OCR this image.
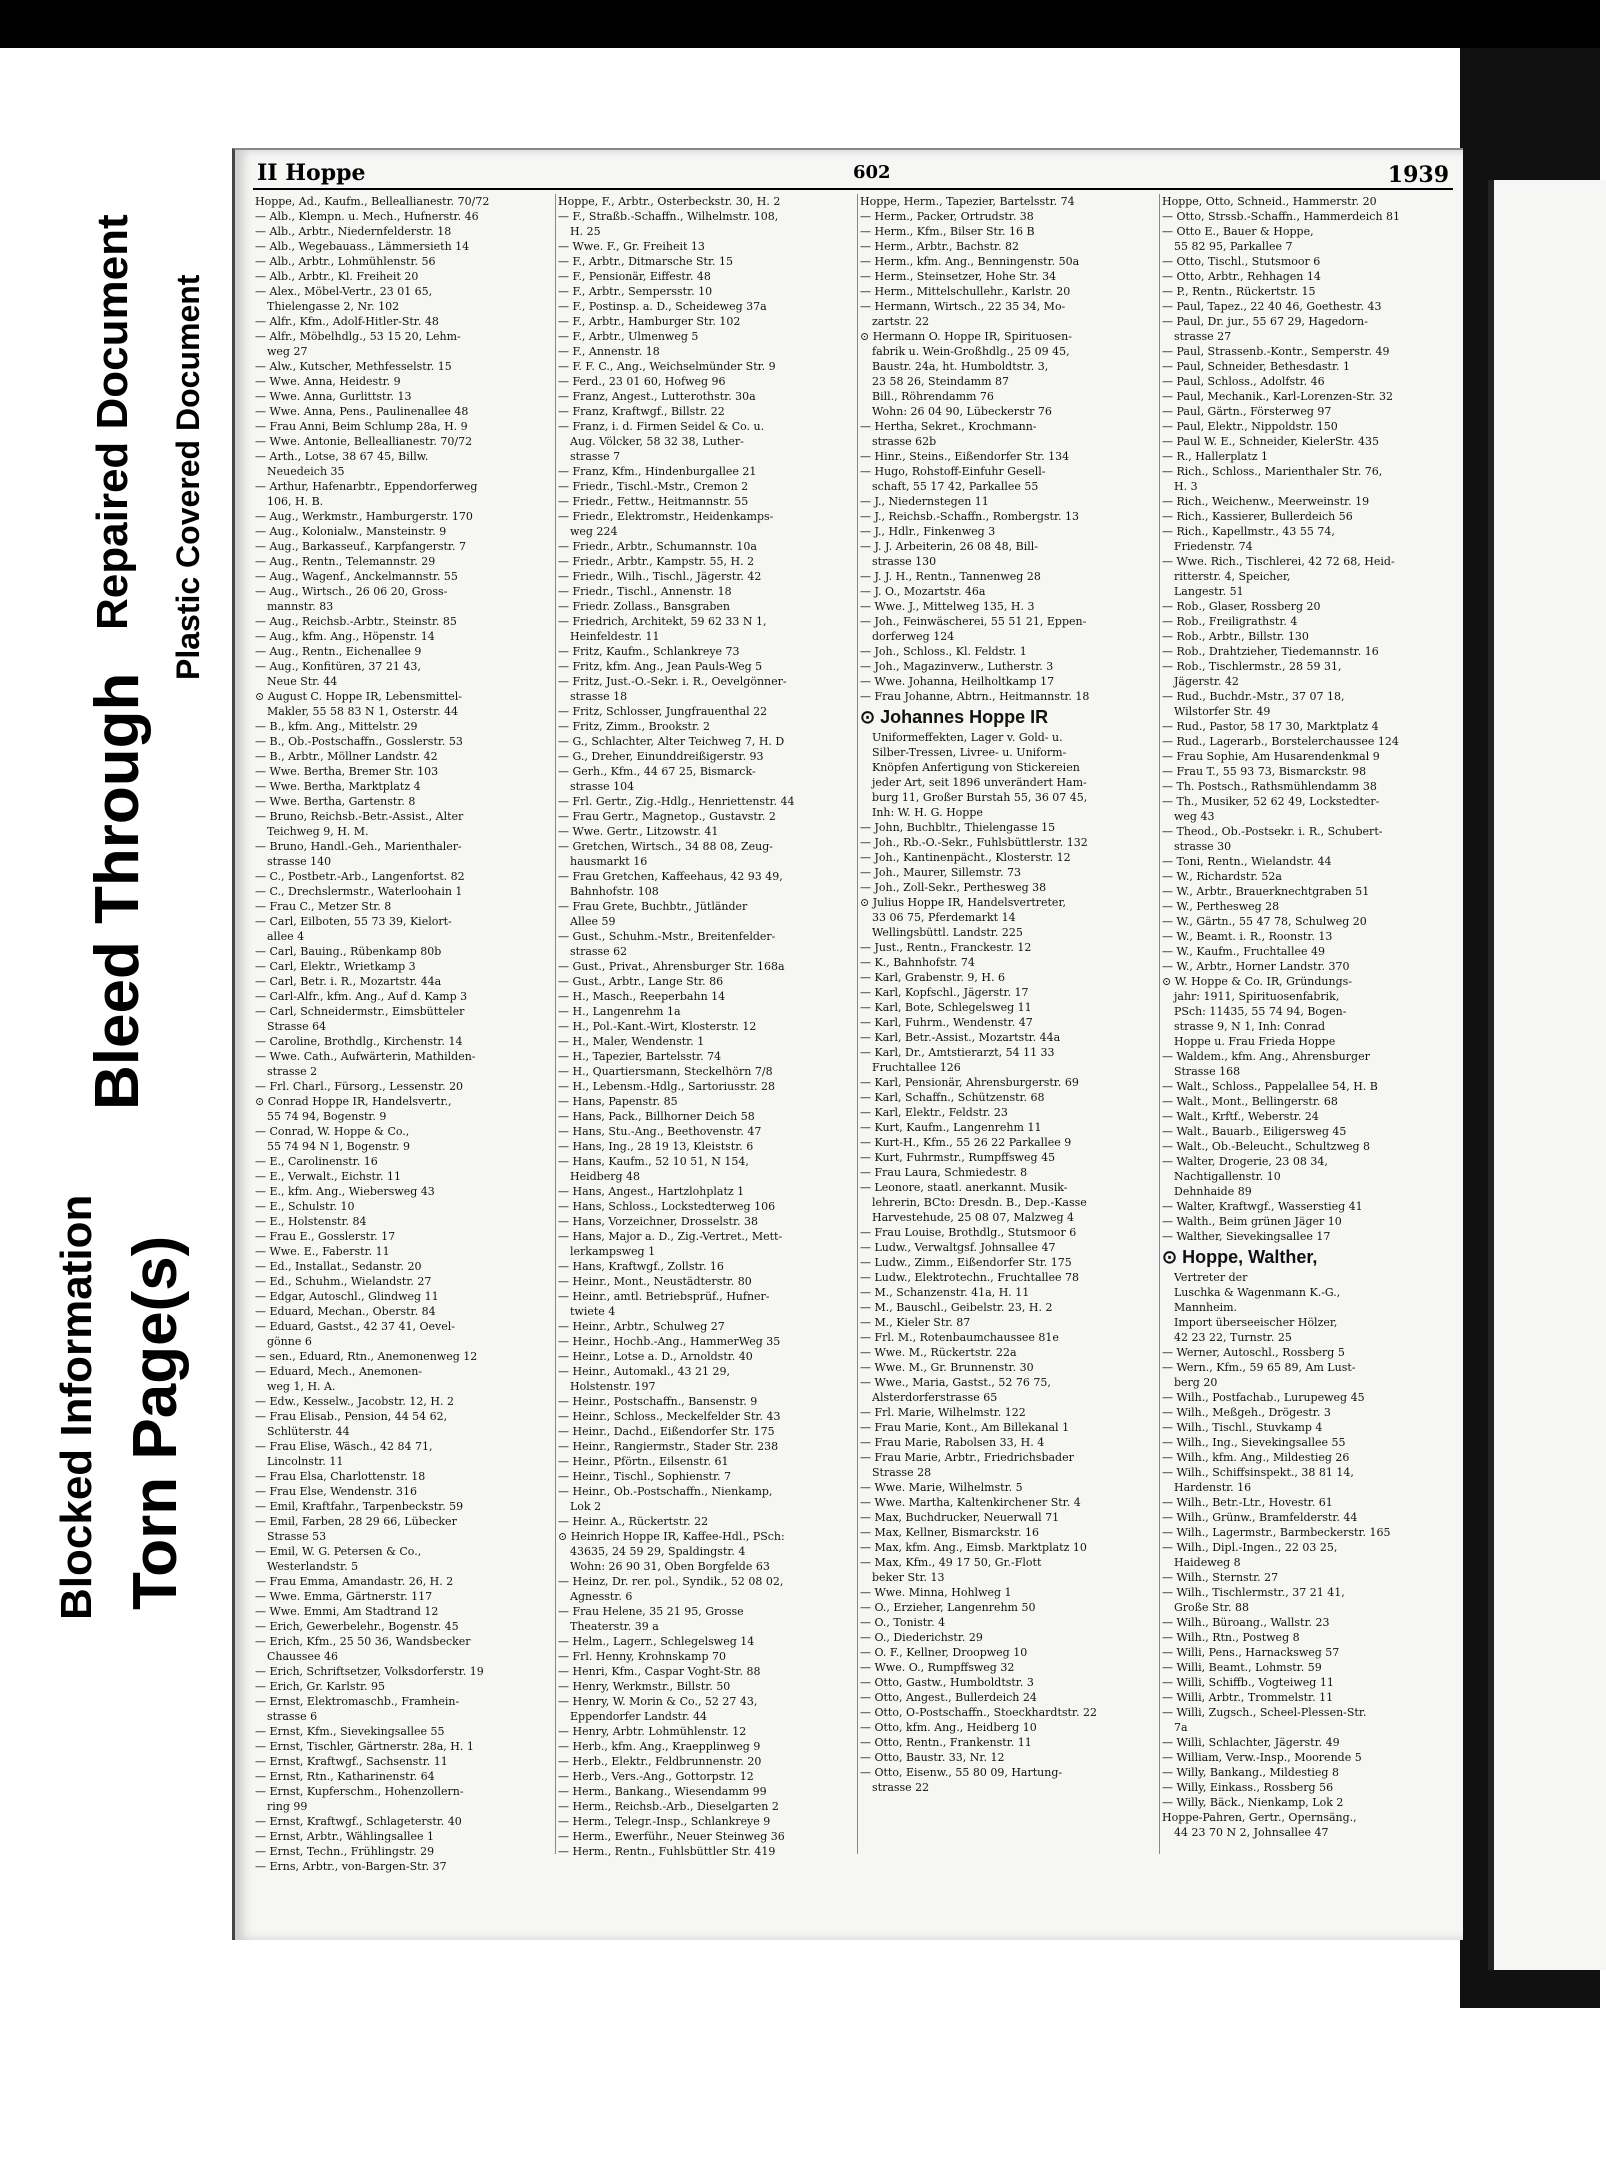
Blocked Information Torn Page(s)
Bleed Through
Repaired Document Plastic Covered Document
II Hoppe	602	1939
Hoppe, Ad., Kaufm., Belleallianestr. 70/72
— Alb., Klempn. u. Mech., Hufnerstr. 46
— Alb., Arbtr., Niedernfelderstr. 18
— Alb., Wegebauass., Lämmersieth 14
— Alb., Arbtr., Lohmühlenstr. 56
— Alb., Arbtr., Kl. Freiheit 20
— Alex., Möbel-Vertr., 23 01 65,
Thielengasse 2, Nr. 102
— Alfr., Kfm., Adolf-Hitler-Str. 48
— Alfr., Möbelhdlg., 53 15 20, Lehm-
weg 27
— Alw., Kutscher, Methfesselstr. 15
— Wwe. Anna, Heidestr. 9
— Wwe. Anna, Gurlittstr. 13
— Wwe. Anna, Pens., Paulinenallee 48
— Frau Anni, Beim Schlump 28a, H. 9
— Wwe. Antonie, Belleallianestr. 70/72
— Arth., Lotse, 38 67 45, Billw.
Neuedeich 35
— Arthur, Hafenarbtr., Eppendorferweg
106, H. B.
— Aug., Werkmstr., Hamburgerstr. 170
— Aug., Kolonialw., Mansteinstr. 9
— Aug., Barkasseuf., Karpfangerstr. 7
— Aug., Rentn., Telemannstr. 29
— Aug., Wagenf., Anckelmannstr. 55
— Aug., Wirtsch., 26 06 20, Gross-
mannstr. 83
— Aug., Reichsb.-Arbtr., Steinstr. 85
— Aug., kfm. Ang., Höpenstr. 14
— Aug., Rentn., Eichenallee 9
— Aug., Konfitüren, 37 21 43,
Neue Str. 44
⊙ August C. Hoppe IR, Lebensmittel-
Makler, 55 58 83 N 1, Osterstr. 44
— B., kfm. Ang., Mittelstr. 29
— B., Ob.-Postschaffn., Gosslerstr. 53
— B., Arbtr., Möllner Landstr. 42
— Wwe. Bertha, Bremer Str. 103
— Wwe. Bertha, Marktplatz 4
— Wwe. Bertha, Gartenstr. 8
— Bruno, Reichsb.-Betr.-Assist., Alter
Teichweg 9, H. M.
— Bruno, Handl.-Geh., Marienthaler-
strasse 140
— C., Postbetr.-Arb., Langenfortst. 82
— C., Drechslermstr., Waterloohain 1
— Frau C., Metzer Str. 8
— Carl, Eilboten, 55 73 39, Kielort-
allee 4
— Carl, Bauing., Rübenkamp 80b
— Carl, Elektr., Wrietkamp 3
— Carl, Betr. i. R., Mozartstr. 44a
— Carl-Alfr., kfm. Ang., Auf d. Kamp 3
— Carl, Schneidermstr., Eimsbütteler
Strasse 64
— Caroline, Brothdlg., Kirchenstr. 14
— Wwe. Cath., Aufwärterin, Mathilden-
strasse 2
— Frl. Charl., Fürsorg., Lessenstr. 20
⊙ Conrad Hoppe IR, Handelsvertr.,
55 74 94, Bogenstr. 9
— Conrad, W. Hoppe & Co.,
55 74 94 N 1, Bogenstr. 9
— E., Carolinenstr. 16
— E., Verwalt., Eichstr. 11
— E., kfm. Ang., Wiebersweg 43
— E., Schulstr. 10
— E., Holstenstr. 84
— Frau E., Gosslerstr. 17
— Wwe. E., Faberstr. 11
— Ed., Installat., Sedanstr. 20
— Ed., Schuhm., Wielandstr. 27
— Edgar, Autoschl., Glindweg 11
— Eduard, Mechan., Oberstr. 84
— Eduard, Gastst., 42 37 41, Oevel-
gönne 6
— sen., Eduard, Rtn., Anemonenweg 12
— Eduard, Mech., Anemonen-
weg 1, H. A.
— Edw., Kesselw., Jacobstr. 12, H. 2
— Frau Elisab., Pension, 44 54 62,
Schlüterstr. 44
— Frau Elise, Wäsch., 42 84 71,
Lincolnstr. 11
— Frau Elsa, Charlottenstr. 18
— Frau Else, Wendenstr. 316
— Emil, Kraftfahr., Tarpenbeckstr. 59
— Emil, Farben, 28 29 66, Lübecker
Strasse 53
— Emil, W. G. Petersen & Co.,
Westerlandstr. 5
— Frau Emma, Amandastr. 26, H. 2
— Wwe. Emma, Gärtnerstr. 117
— Wwe. Emmi, Am Stadtrand 12
— Erich, Gewerbelehr., Bogenstr. 45
— Erich, Kfm., 25 50 36, Wandsbecker
Chaussee 46
— Erich, Schriftsetzer, Volksdorferstr. 19
— Erich, Gr. Karlstr. 95
— Ernst, Elektromaschb., Framhein-
strasse 6
— Ernst, Kfm., Sievekingsallee 55
— Ernst, Tischler, Gärtnerstr. 28a, H. 1
— Ernst, Kraftwgf., Sachsenstr. 11
— Ernst, Rtn., Katharinenstr. 64
— Ernst, Kupferschm., Hohenzollern-
ring 99
— Ernst, Kraftwgf., Schlageterstr. 40
— Ernst, Arbtr., Wählingsallee 1
— Ernst, Techn., Frühlingstr. 29
— Erns, Arbtr., von-Bargen-Str. 37
Hoppe, F., Arbtr., Osterbeckstr. 30, H. 2
— F., Straßb.-Schaffn., Wilhelmstr. 108,
H. 25
— Wwe. F., Gr. Freiheit 13
— F., Arbtr., Ditmarsche Str. 15
— F., Pensionär, Eiffestr. 48
— F., Arbtr., Sempersstr. 10
— F., Postinsp. a. D., Scheideweg 37a
— F., Arbtr., Hamburger Str. 102
— F., Arbtr., Ulmenweg 5
— F., Annenstr. 18
— F. F. C., Ang., Weichselmünder Str. 9
— Ferd., 23 01 60, Hofweg 96
— Franz, Angest., Lutterothstr. 30a
— Franz, Kraftwgf., Billstr. 22
— Franz, i. d. Firmen Seidel & Co. u.
Aug. Völcker, 58 32 38, Luther-
strasse 7
— Franz, Kfm., Hindenburgallee 21
— Friedr., Tischl.-Mstr., Cremon 2
— Friedr., Fettw., Heitmannstr. 55
— Friedr., Elektromstr., Heidenkamps-
weg 224
— Friedr., Arbtr., Schumannstr. 10a
— Friedr., Arbtr., Kampstr. 55, H. 2
— Friedr., Wilh., Tischl., Jägerstr. 42
— Friedr., Tischl., Annenstr. 18
— Friedr. Zollass., Bansgraben
— Friedrich, Architekt, 59 62 33 N 1,
Heinfeldestr. 11
— Fritz, Kaufm., Schlankreye 73
— Fritz, kfm. Ang., Jean Pauls-Weg 5
— Fritz, Just.-O.-Sekr. i. R., Oevelgönner-
strasse 18
— Fritz, Schlosser, Jungfrauenthal 22
— Fritz, Zimm., Brookstr. 2
— G., Schlachter, Alter Teichweg 7, H. D
— G., Dreher, Einunddreißigerstr. 93
— Gerh., Kfm., 44 67 25, Bismarck-
strasse 104
— Frl. Gertr., Zig.-Hdlg., Henriettenstr. 44
— Frau Gertr., Magnetop., Gustavstr. 2
— Wwe. Gertr., Litzowstr. 41
— Gretchen, Wirtsch., 34 88 08, Zeug-
hausmarkt 16
— Frau Gretchen, Kaffeehaus, 42 93 49,
Bahnhofstr. 108
— Frau Grete, Buchbtr., Jütländer
Allee 59
— Gust., Schuhm.-Mstr., Breitenfelder-
strasse 62
— Gust., Privat., Ahrensburger Str. 168a
— Gust., Arbtr., Lange Str. 86
— H., Masch., Reeperbahn 14
— H., Langenrehm 1a
— H., Pol.-Kant.-Wirt, Klosterstr. 12
— H., Maler, Wendenstr. 1
— H., Tapezier, Bartelsstr. 74
— H., Quartiersmann, Steckelhörn 7/8
— H., Lebensm.-Hdlg., Sartoriusstr. 28
— Hans, Papenstr. 85
— Hans, Pack., Billhorner Deich 58
— Hans, Stu.-Ang., Beethovenstr. 47
— Hans, Ing., 28 19 13, Kleiststr. 6
— Hans, Kaufm., 52 10 51, N 154,
Heidberg 48
— Hans, Angest., Hartzlohplatz 1
— Hans, Schloss., Lockstedterweg 106
— Hans, Vorzeichner, Drosselstr. 38
— Hans, Major a. D., Zig.-Vertret., Mett-
lerkampsweg 1
— Hans, Kraftwgf., Zollstr. 16
— Heinr., Mont., Neustädterstr. 80
— Heinr., amtl. Betriebsprüf., Hufner-
twiete 4
— Heinr., Arbtr., Schulweg 27
— Heinr., Hochb.-Ang., HammerWeg 35
— Heinr., Lotse a. D., Arnoldstr. 40
— Heinr., Automakl., 43 21 29,
Holstenstr. 197
— Heinr., Postschaffn., Bansenstr. 9
— Heinr., Schloss., Meckelfelder Str. 43
— Heinr., Dachd., Eißendorfer Str. 175
— Heinr., Rangiermstr., Stader Str. 238
— Heinr., Pförtn., Eilsenstr. 61
— Heinr., Tischl., Sophienstr. 7
— Heinr., Ob.-Postschaffn., Nienkamp,
Lok 2
— Heinr. A., Rückertstr. 22
⊙ Heinrich Hoppe IR, Kaffee-Hdl., PSch:
43635, 24 59 29, Spaldingstr. 4
Wohn: 26 90 31, Oben Borgfelde 63
— Heinz, Dr. rer. pol., Syndik., 52 08 02,
Agnesstr. 6
— Frau Helene, 35 21 95, Grosse
Theaterstr. 39 a
— Helm., Lagerr., Schlegelsweg 14
— Frl. Henny, Krohnskamp 70
— Henri, Kfm., Caspar Voght-Str. 88
— Henry, Werkmstr., Billstr. 50
— Henry, W. Morin & Co., 52 27 43,
Eppendorfer Landstr. 44
— Henry, Arbtr. Lohmühlenstr. 12
— Herb., kfm. Ang., Kraepplinweg 9
— Herb., Elektr., Feldbrunnenstr. 20
— Herb., Vers.-Ang., Gottorpstr. 12
— Herm., Bankang., Wiesendamm 99
— Herm., Reichsb.-Arb., Dieselgarten 2
— Herm., Telegr.-Insp., Schlankreye 9
— Herm., Ewerführ., Neuer Steinweg 36
— Herm., Rentn., Fuhlsbüttler Str. 419
Hoppe, Herm., Tapezier, Bartelsstr. 74
— Herm., Packer, Ortrudstr. 38
— Herm., Kfm., Bilser Str. 16 B
— Herm., Arbtr., Bachstr. 82
— Herm., kfm. Ang., Benningenstr. 50a
— Herm., Steinsetzer, Hohe Str. 34
— Herm., Mittelschullehr., Karlstr. 20
— Hermann, Wirtsch., 22 35 34, Mo-
zartstr. 22
⊙ Hermann O. Hoppe IR, Spirituosen-
fabrik u. Wein-Großhdlg., 25 09 45,
Baustr. 24a, ht. Humboldtstr. 3,
23 58 26, Steindamm 87
Bill., Röhrendamm 76
Wohn: 26 04 90, Lübeckerstr 76
— Hertha, Sekret., Krochmann-
strasse 62b
— Hinr., Steins., Eißendorfer Str. 134
— Hugo, Rohstoff-Einfuhr Gesell-
schaft, 55 17 42, Parkallee 55
— J., Niedernstegen 11
— J., Reichsb.-Schaffn., Rombergstr. 13
— J., Hdlr., Finkenweg 3
— J. J. Arbeiterin, 26 08 48, Bill-
strasse 130
— J. J. H., Rentn., Tannenweg 28
— J. O., Mozartstr. 46a
— Wwe. J., Mittelweg 135, H. 3
— Joh., Feinwäscherei, 55 51 21, Eppen-
dorferweg 124
— Joh., Schloss., Kl. Feldstr. 1
— Joh., Magazinverw., Lutherstr. 3
— Wwe. Johanna, Heilholtkamp 17
— Frau Johanne, Abtrn., Heitmannstr. 18
⊙ Johannes Hoppe IR
Uniformeffekten, Lager v. Gold- u.
Silber-Tressen, Livree- u. Uniform-
Knöpfen Anfertigung von Stickereien
jeder Art, seit 1896 unverändert Ham-
burg 11, Großer Burstah 55, 36 07 45,
Inh: W. H. G. Hoppe
— John, Buchbltr., Thielengasse 15
— Joh., Rb.-O.-Sekr., Fuhlsbüttlerstr. 132
— Joh., Kantinenpächt., Klosterstr. 12
— Joh., Maurer, Sillemstr. 73
— Joh., Zoll-Sekr., Perthesweg 38
⊙ Julius Hoppe IR, Handelsvertreter,
33 06 75, Pferdemarkt 14
Wellingsbüttl. Landstr. 225
— Just., Rentn., Franckestr. 12
— K., Bahnhofstr. 74
— Karl, Grabenstr. 9, H. 6
— Karl, Kopfschl., Jägerstr. 17
— Karl, Bote, Schlegelsweg 11
— Karl, Fuhrm., Wendenstr. 47
— Karl, Betr.-Assist., Mozartstr. 44a
— Karl, Dr., Amtstierarzt, 54 11 33
Fruchtallee 126
— Karl, Pensionär, Ahrensburgerstr. 69
— Karl, Schaffn., Schützenstr. 68
— Karl, Elektr., Feldstr. 23
— Kurt, Kaufm., Langenrehm 11
— Kurt-H., Kfm., 55 26 22 Parkallee 9
— Kurt, Fuhrmstr., Rumpffsweg 45
— Frau Laura, Schmiedestr. 8
— Leonore, staatl. anerkannt. Musik-
lehrerin, BCto: Dresdn. B., Dep.-Kasse
Harvestehude, 25 08 07, Malzweg 4
— Frau Louise, Brothdlg., Stutsmoor 6
— Ludw., Verwaltgsf. Johnsallee 47
— Ludw., Zimm., Eißendorfer Str. 175
— Ludw., Elektrotechn., Fruchtallee 78
— M., Schanzenstr. 41a, H. 11
— M., Bauschl., Geibelstr. 23, H. 2
— M., Kieler Str. 87
— Frl. M., Rotenbaumchaussee 81e
— Wwe. M., Rückertstr. 22a
— Wwe. M., Gr. Brunnenstr. 30
— Wwe., Maria, Gastst., 52 76 75,
Alsterdorferstrasse 65
— Frl. Marie, Wilhelmstr. 122
— Frau Marie, Kont., Am Billekanal 1
— Frau Marie, Rabolsen 33, H. 4
— Frau Marie, Arbtr., Friedrichsbader
Strasse 28
— Wwe. Marie, Wilhelmstr. 5
— Wwe. Martha, Kaltenkirchener Str. 4
— Max, Buchdrucker, Neuerwall 71
— Max, Kellner, Bismarckstr. 16
— Max, kfm. Ang., Eimsb. Marktplatz 10
— Max, Kfm., 49 17 50, Gr.-Flott
beker Str. 13
— Wwe. Minna, Hohlweg 1
— O., Erzieher, Langenrehm 50
— O., Tonistr. 4
— O., Diederichstr. 29
— O. F., Kellner, Droopweg 10
— Wwe. O., Rumpffsweg 32
— Otto, Gastw., Humboldtstr. 3
— Otto, Angest., Bullerdeich 24
— Otto, O-Postschaffn., Stoeckhardtstr. 22
— Otto, kfm. Ang., Heidberg 10
— Otto, Rentn., Frankenstr. 11
— Otto, Baustr. 33, Nr. 12
— Otto, Eisenw., 55 80 09, Hartung-
strasse 22
Hoppe, Otto, Schneid., Hammerstr. 20
— Otto, Strssb.-Schaffn., Hammerdeich 81
— Otto E., Bauer & Hoppe,
55 82 95, Parkallee 7
— Otto, Tischl., Stutsmoor 6
— Otto, Arbtr., Rehhagen 14
— P., Rentn., Rückertstr. 15
— Paul, Tapez., 22 40 46, Goethestr. 43
— Paul, Dr. jur., 55 67 29, Hagedorn-
strasse 27
— Paul, Strassenb.-Kontr., Semperstr. 49
— Paul, Schneider, Bethesdastr. 1
— Paul, Schloss., Adolfstr. 46
— Paul, Mechanik., Karl-Lorenzen-Str. 32
— Paul, Gärtn., Försterweg 97
— Paul, Elektr., Nippoldstr. 150
— Paul W. E., Schneider, KielerStr. 435
— R., Hallerplatz 1
— Rich., Schloss., Marienthaler Str. 76,
H. 3
— Rich., Weichenw., Meerweinstr. 19
— Rich., Kassierer, Bullerdeich 56
— Rich., Kapellmstr., 43 55 74,
Friedenstr. 74
— Wwe. Rich., Tischlerei, 42 72 68, Heid-
ritterstr. 4, Speicher,
Langestr. 51
— Rob., Glaser, Rossberg 20
— Rob., Freiligrathstr. 4
— Rob., Arbtr., Billstr. 130
— Rob., Drahtzieher, Tiedemannstr. 16
— Rob., Tischlermstr., 28 59 31,
Jägerstr. 42
— Rud., Buchdr.-Mstr., 37 07 18,
Wilstorfer Str. 49
— Rud., Pastor, 58 17 30, Marktplatz 4
— Rud., Lagerarb., Borstelerchaussee 124
— Frau Sophie, Am Husarendenkmal 9
— Frau T., 55 93 73, Bismarckstr. 98
— Th. Postsch., Rathsmühlendamm 38
— Th., Musiker, 52 62 49, Lockstedter-
weg 43
— Theod., Ob.-Postsekr. i. R., Schubert-
strasse 30
— Toni, Rentn., Wielandstr. 44
— W., Richardstr. 52a
— W., Arbtr., Brauerknechtgraben 51
— W., Perthesweg 28
— W., Gärtn., 55 47 78, Schulweg 20
— W., Beamt. i. R., Roonstr. 13
— W., Kaufm., Fruchtallee 49
— W., Arbtr., Horner Landstr. 370
⊙ W. Hoppe & Co. IR, Gründungs-
jahr: 1911, Spirituosenfabrik,
PSch: 11435, 55 74 94, Bogen-
strasse 9, N 1, Inh: Conrad
Hoppe u. Frau Frieda Hoppe
— Waldem., kfm. Ang., Ahrensburger
Strasse 168
— Walt., Schloss., Pappelallee 54, H. B
— Walt., Mont., Bellingerstr. 68
— Walt., Krftf., Weberstr. 24
— Walt., Bauarb., Eiligersweg 45
— Walt., Ob.-Beleucht., Schultzweg 8
— Walter, Drogerie, 23 08 34,
Nachtigallenstr. 10
Dehnhaide 89
— Walter, Kraftwgf., Wasserstieg 41
— Walth., Beim grünen Jäger 10
— Walther, Sievekingsallee 17
⊙ Hoppe, Walther,
Vertreter der
Luschka & Wagenmann K.-G.,
Mannheim.
Import überseeischer Hölzer,
42 23 22, Turnstr. 25
— Werner, Autoschl., Rossberg 5
— Wern., Kfm., 59 65 89, Am Lust-
berg 20
— Wilh., Postfachab., Lurupeweg 45
— Wilh., Meßgeh., Drögestr. 3
— Wilh., Tischl., Stuvkamp 4
— Wilh., Ing., Sievekingsallee 55
— Wilh., kfm. Ang., Mildestieg 26
— Wilh., Schiffsinspekt., 38 81 14,
Hardenstr. 16
— Wilh., Betr.-Ltr., Hovestr. 61
— Wilh., Grünw., Bramfelderstr. 44
— Wilh., Lagermstr., Barmbeckerstr. 165
— Wilh., Dipl.-Ingen., 22 03 25,
Haideweg 8
— Wilh., Sternstr. 27
— Wilh., Tischlermstr., 37 21 41,
Große Str. 88
— Wilh., Büroang., Wallstr. 23
— Wilh., Rtn., Postweg 8
— Willi, Pens., Harnacksweg 57
— Willi, Beamt., Lohmstr. 59
— Willi, Schiffb., Vogteiweg 11
— Willi, Arbtr., Trommelstr. 11
— Willi, Zugsch., Scheel-Plessen-Str.
7a
— Willi, Schlachter, Jägerstr. 49
— William, Verw.-Insp., Moorende 5
— Willy, Bankang., Mildestieg 8
— Willy, Einkass., Rossberg 56
— Willy, Bäck., Nienkamp, Lok 2
Hoppe-Pahren, Gertr., Opernsäng.,
44 23 70 N 2, Johnsallee 47
